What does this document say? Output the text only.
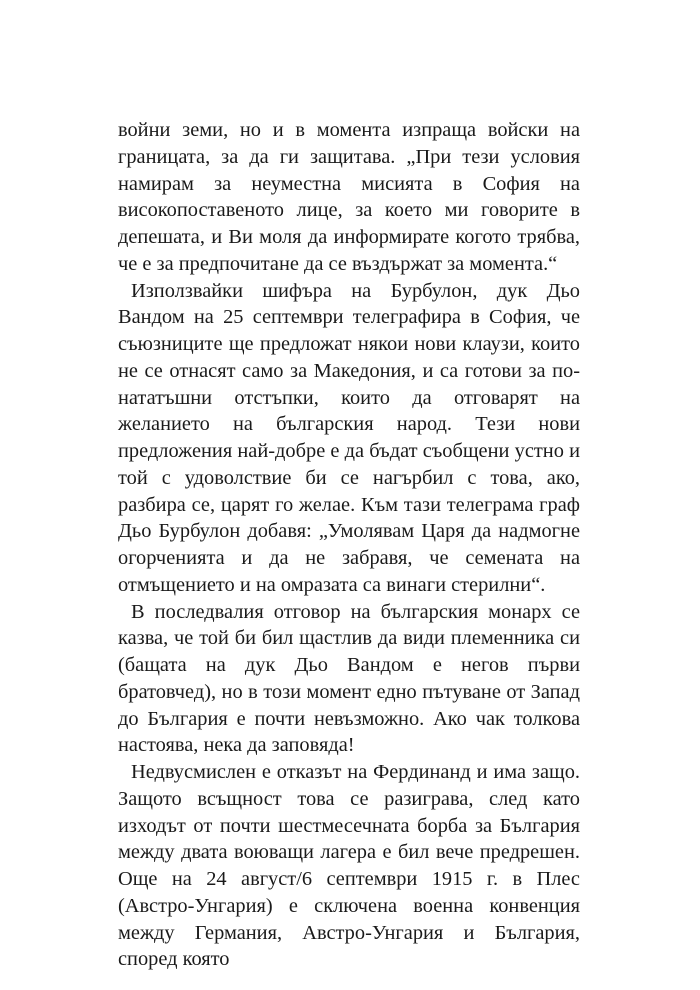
войни земи, но и в момента изпраща войски на границата, за да ги защитава. „При тези условия намирам за неуместна мисията в София на високопоставеното лице, за което ми говорите в депешата, и Ви моля да информирате когото трябва, че е за предпочитане да се въздържат за момента.“

Използвайки шифъра на Бурбулон, дук Дьо Вандом на 25 септември телеграфира в София, че съюзниците ще предложат някои нови клаузи, които не се отнасят само за Македония, и са готови за по-нататъшни отстъпки, които да отговарят на желанието на българския народ. Тези нови предложения най-добре е да бъдат съобщени устно и той с удоволствие би се нагърбил с това, ако, разбира се, царят го желае. Към тази телеграма граф Дьо Бурбулон добавя: „Умолявам Царя да надмогне огорченията и да не забравя, че семената на отмъщението и на омразата са винаги стерилни“.

В последвалия отговор на българския монарх се казва, че той би бил щастлив да види племенника си (бащата на дук Дьо Вандом е негов първи братовчед), но в този момент едно пътуване от Запад до България е почти невъзможно. Ако чак толкова настоява, нека да заповяда!

Недвусмислен е отказът на Фердинанд и има защо. Защото всъщност това се разиграва, след като изходът от почти шестмесечната борба за България между двата воюващи лагера е бил вече предрешен. Още на 24 август/6 септември 1915 г. в Плес (Австро-Унгария) е сключена военна конвенция между Германия, Австро-Унгария и България, според която
